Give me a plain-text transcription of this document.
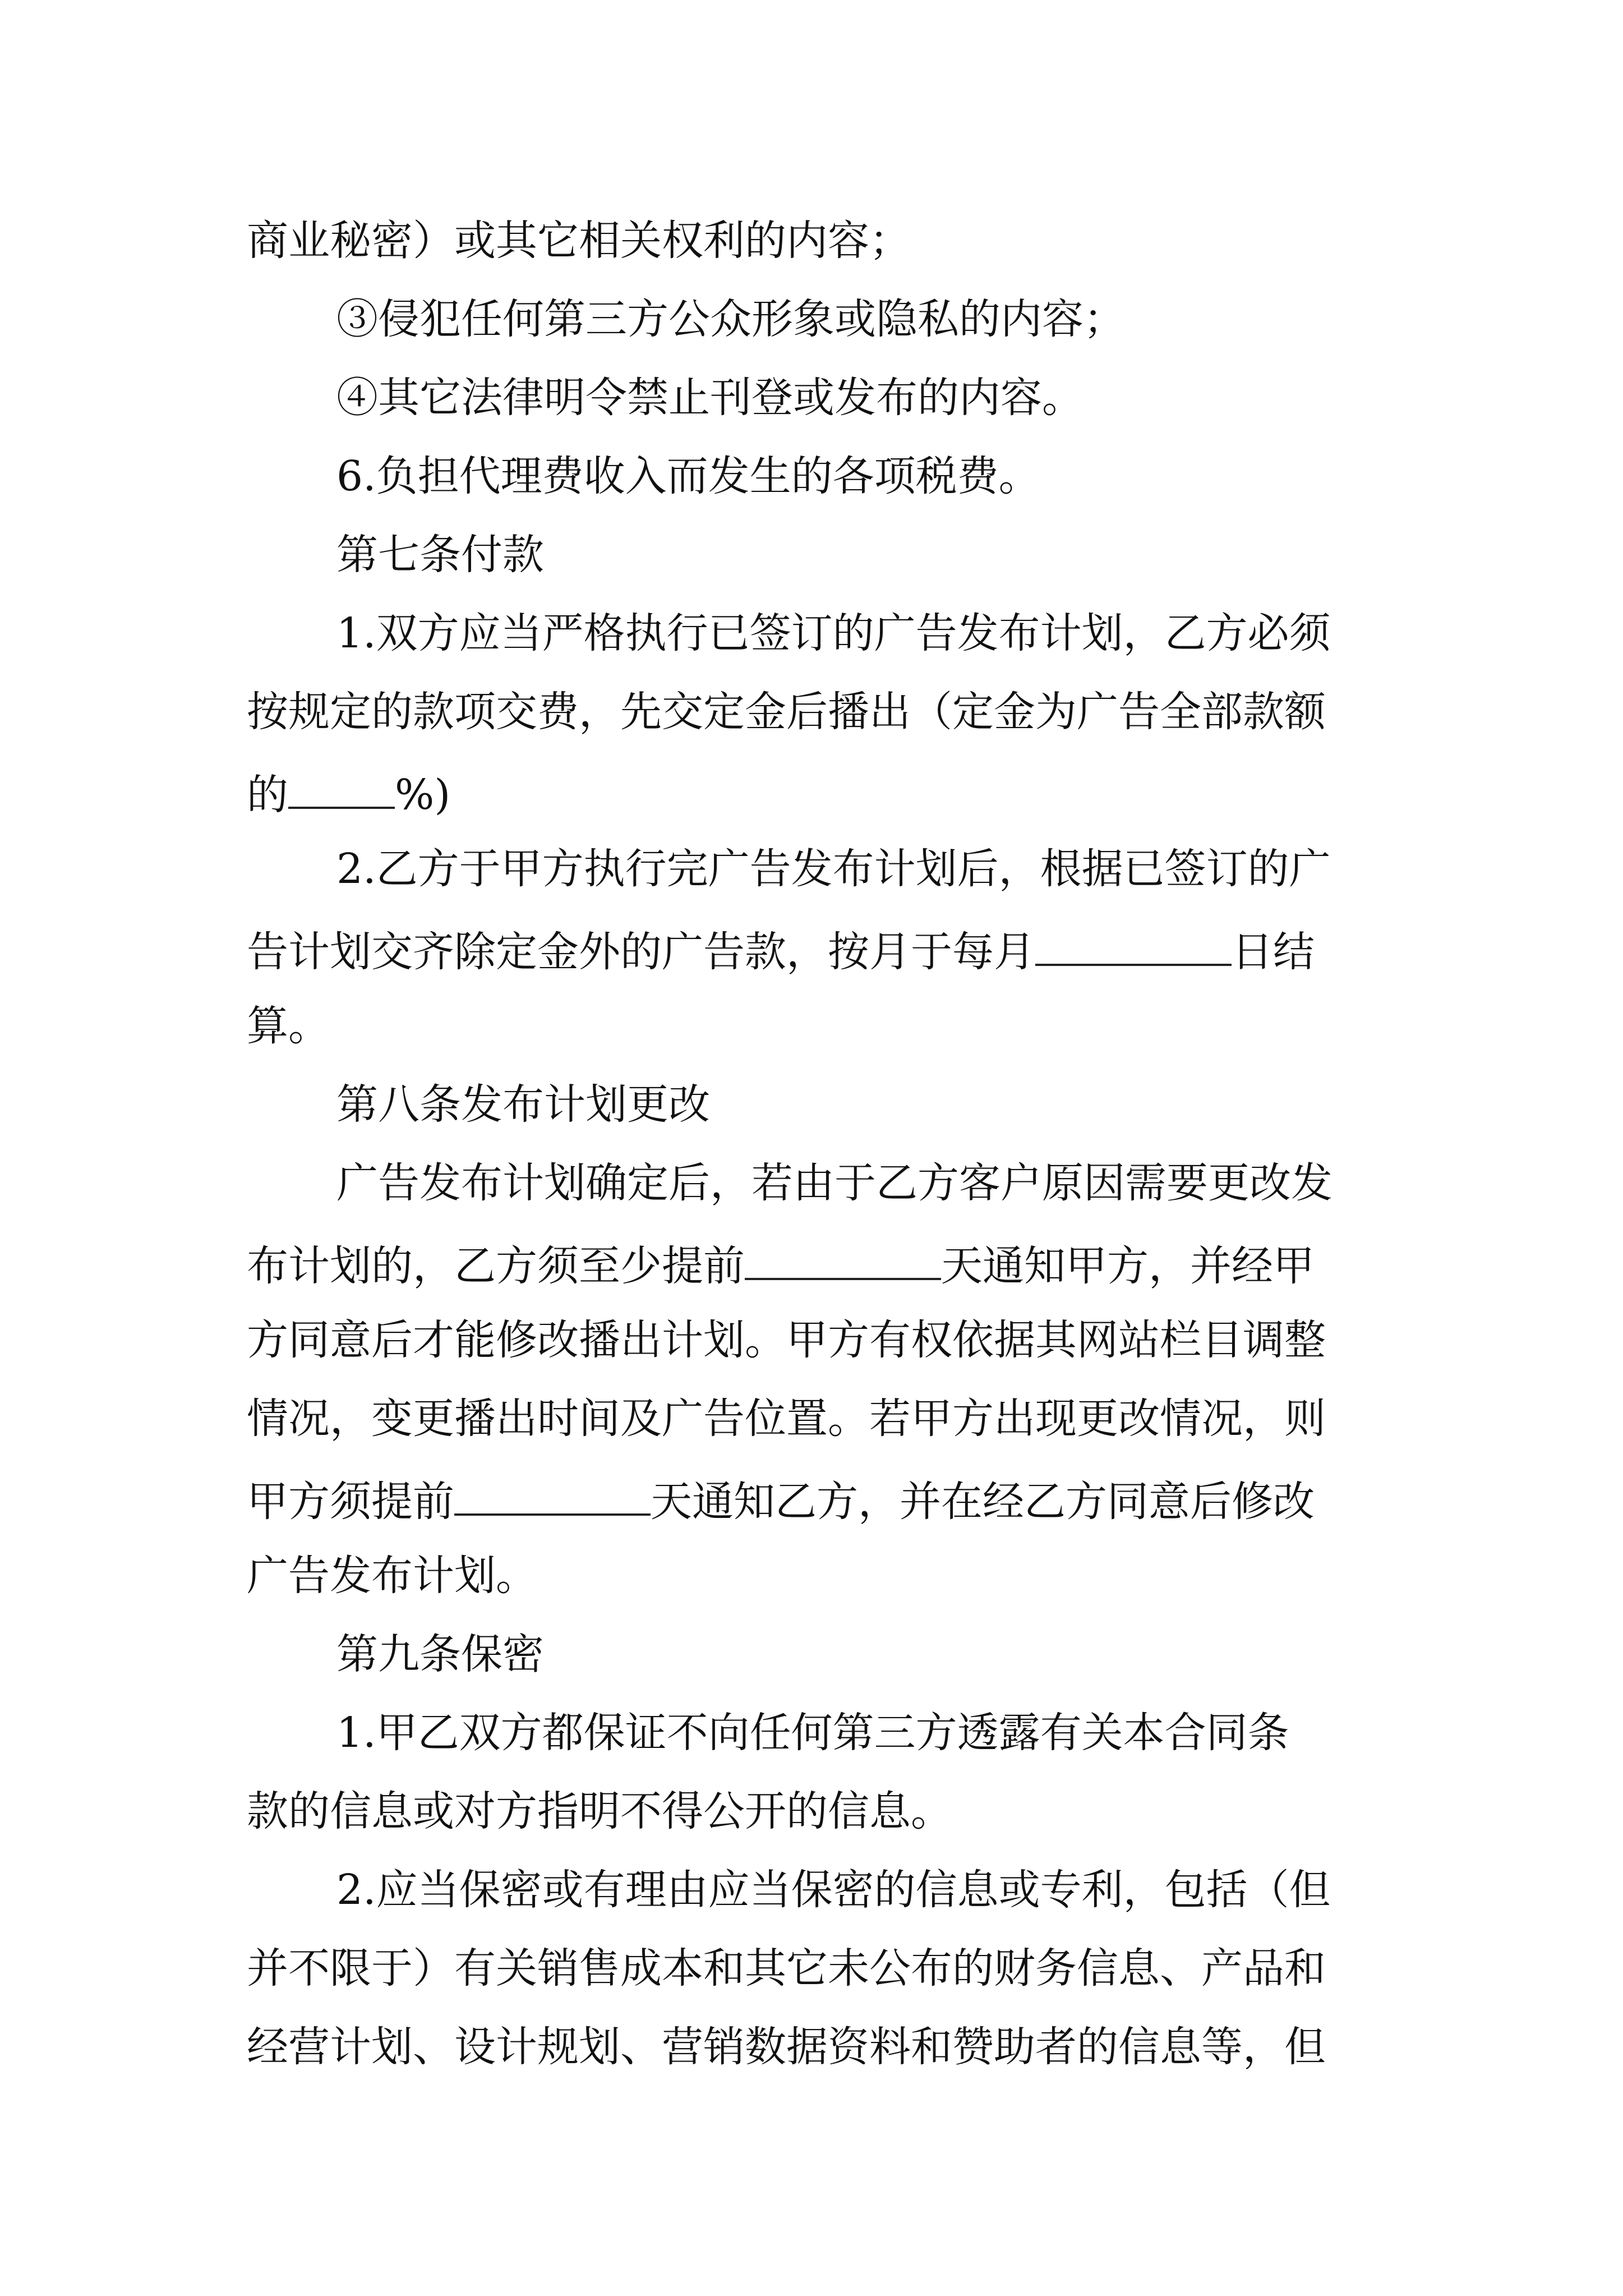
商业秘密）或其它相关权利的内容；
③侵犯任何第三方公众形象或隐私的内容；
④其它法律明令禁止刊登或发布的内容。
6.负担代理费收入而发生的各项税费。
第七条付款
1.双方应当严格执行已签订的广告发布计划，乙方必须
按规定的款项交费，先交定金后播出（定金为广告全部款额
的	%)
2.乙方于甲方执行完广告发布计划后，根据已签订的广
告计划交齐除定金外的广告款，按月于每月	日结
算。
第八条发布计划更改
广告发布计划确定后，若由于乙方客户原因需要更改发
布计划的，乙方须至少提前	天通知甲方，并经甲
方同意后才能修改播出计划。甲方有权依据其网站栏目调整
情况，变更播出时间及广告位置。若甲方出现更改情况，则
甲方须提前	天通知乙方，并在经乙方同意后修改
广告发布计划。
第九条保密
1.甲乙双方都保证不向任何第三方透露有关本合同条
款的信息或对方指明不得公开的信息。
2.应当保密或有理由应当保密的信息或专利，包括（但
并不限于）有关销售成本和其它未公布的财务信息、产品和
经营计划、设计规划、营销数据资料和赞助者的信息等，但
